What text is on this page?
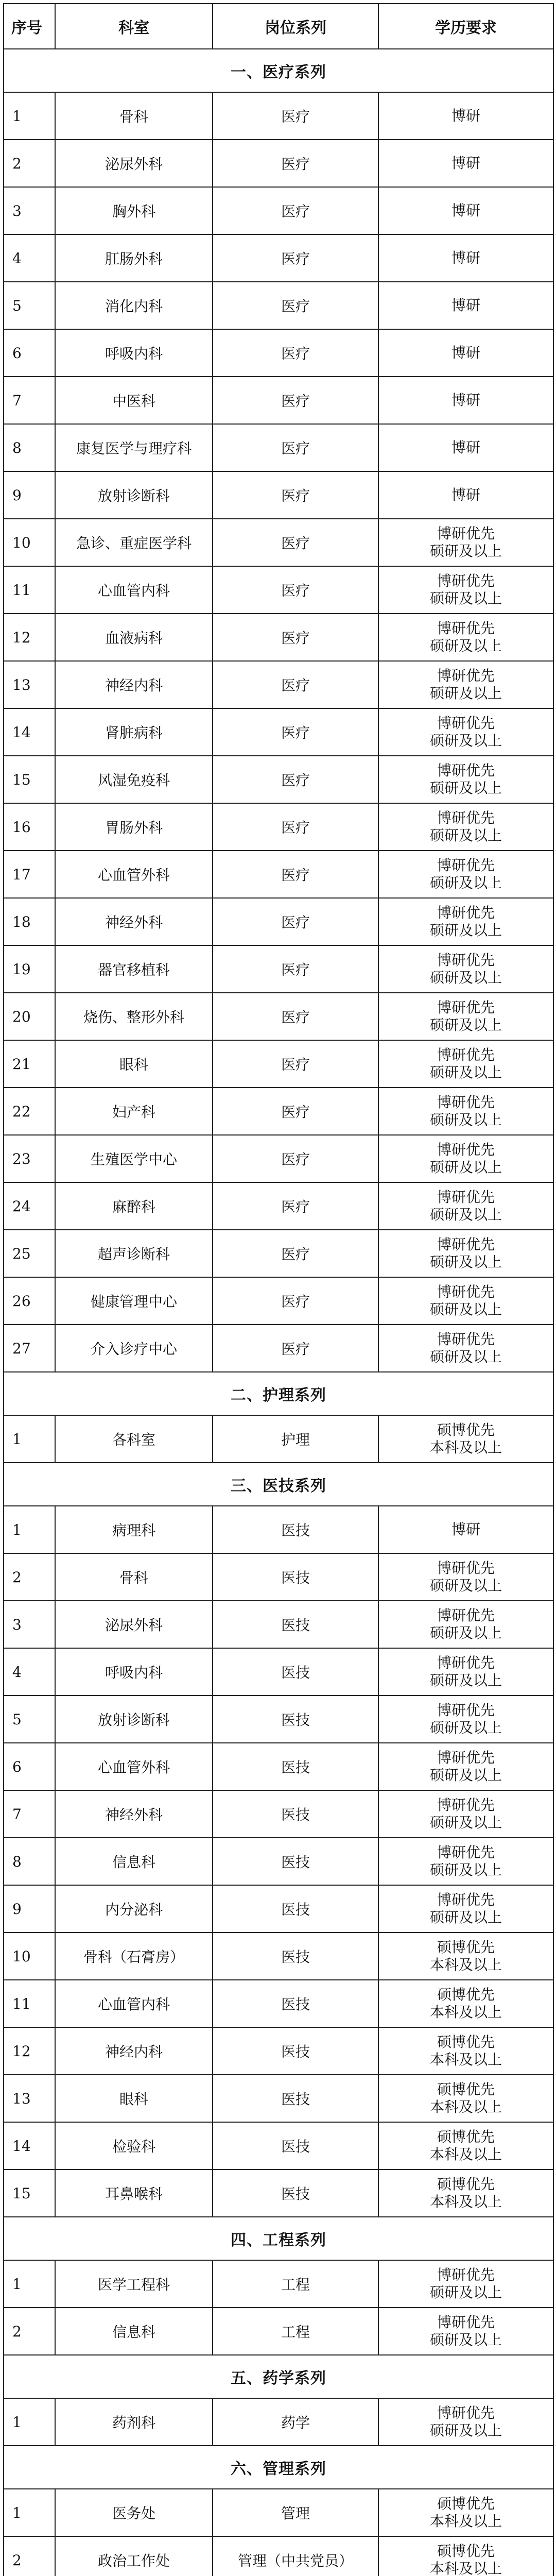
序号	科室	岗位系列	学历要求
一、医疗系列			
1	骨科	医疗	博研

2	泌尿外科	医疗	博研

3	胸外科	医疗	博研

4	肛肠外科	医疗	博研

5	消化内科	医疗	博研

6	呼吸内科	医疗	博研

7	中医科	医疗	博研

8	康复医学与理疗科	医疗	博研

9	放射诊断科	医疗	博研

10	急诊、重症医学科	医疗	博研优先
硕研及以上

11	心血管内科	医疗	博研优先
硕研及以上

12	血液病科	医疗	博研优先
硕研及以上

13	神经内科	医疗	博研优先
硕研及以上

14	肾脏病科	医疗	博研优先
硕研及以上

15	风湿免疫科	医疗	博研优先
硕研及以上

16	胃肠外科	医疗	博研优先
硕研及以上

17	心血管外科	医疗	博研优先
硕研及以上

18	神经外科	医疗	博研优先
硕研及以上

19	器官移植科	医疗	博研优先
硕研及以上

20	烧伤、整形外科	医疗	博研优先
硕研及以上

21	眼科	医疗	博研优先
硕研及以上

22	妇产科	医疗	博研优先
硕研及以上

23	生殖医学中心	医疗	博研优先
硕研及以上

24	麻醉科	医疗	博研优先
硕研及以上

25	超声诊断科	医疗	博研优先
硕研及以上

26	健康管理中心	医疗	博研优先
硕研及以上

27	介入诊疗中心	医疗	博研优先
硕研及以上

二、护理系列			
1	各科室	护理	硕博优先
本科及以上

三、医技系列			
1	病理科	医技	博研

2	骨科	医技	博研优先
硕研及以上

3	泌尿外科	医技	博研优先
硕研及以上

4	呼吸内科	医技	博研优先
硕研及以上

5	放射诊断科	医技	博研优先
硕研及以上

6	心血管外科	医技	博研优先
硕研及以上

7	神经外科	医技	博研优先
硕研及以上

8	信息科	医技	博研优先
硕研及以上

9	内分泌科	医技	博研优先
硕研及以上

10	骨科（石膏房）	医技	硕博优先
本科及以上

11	心血管内科	医技	硕博优先
本科及以上

12	神经内科	医技	硕博优先
本科及以上

13	眼科	医技	硕博优先
本科及以上

14	检验科	医技	硕博优先
本科及以上

15	耳鼻喉科	医技	硕博优先
本科及以上

四、工程系列			
1	医学工程科	工程	博研优先
硕研及以上

2	信息科	工程	博研优先
硕研及以上

五、药学系列			
1	药剂科	药学	博研优先
硕研及以上

六、管理系列			
1	医务处	管理	硕博优先
本科及以上

2	政治工作处	管理（中共党员）	硕博优先
本科及以上
